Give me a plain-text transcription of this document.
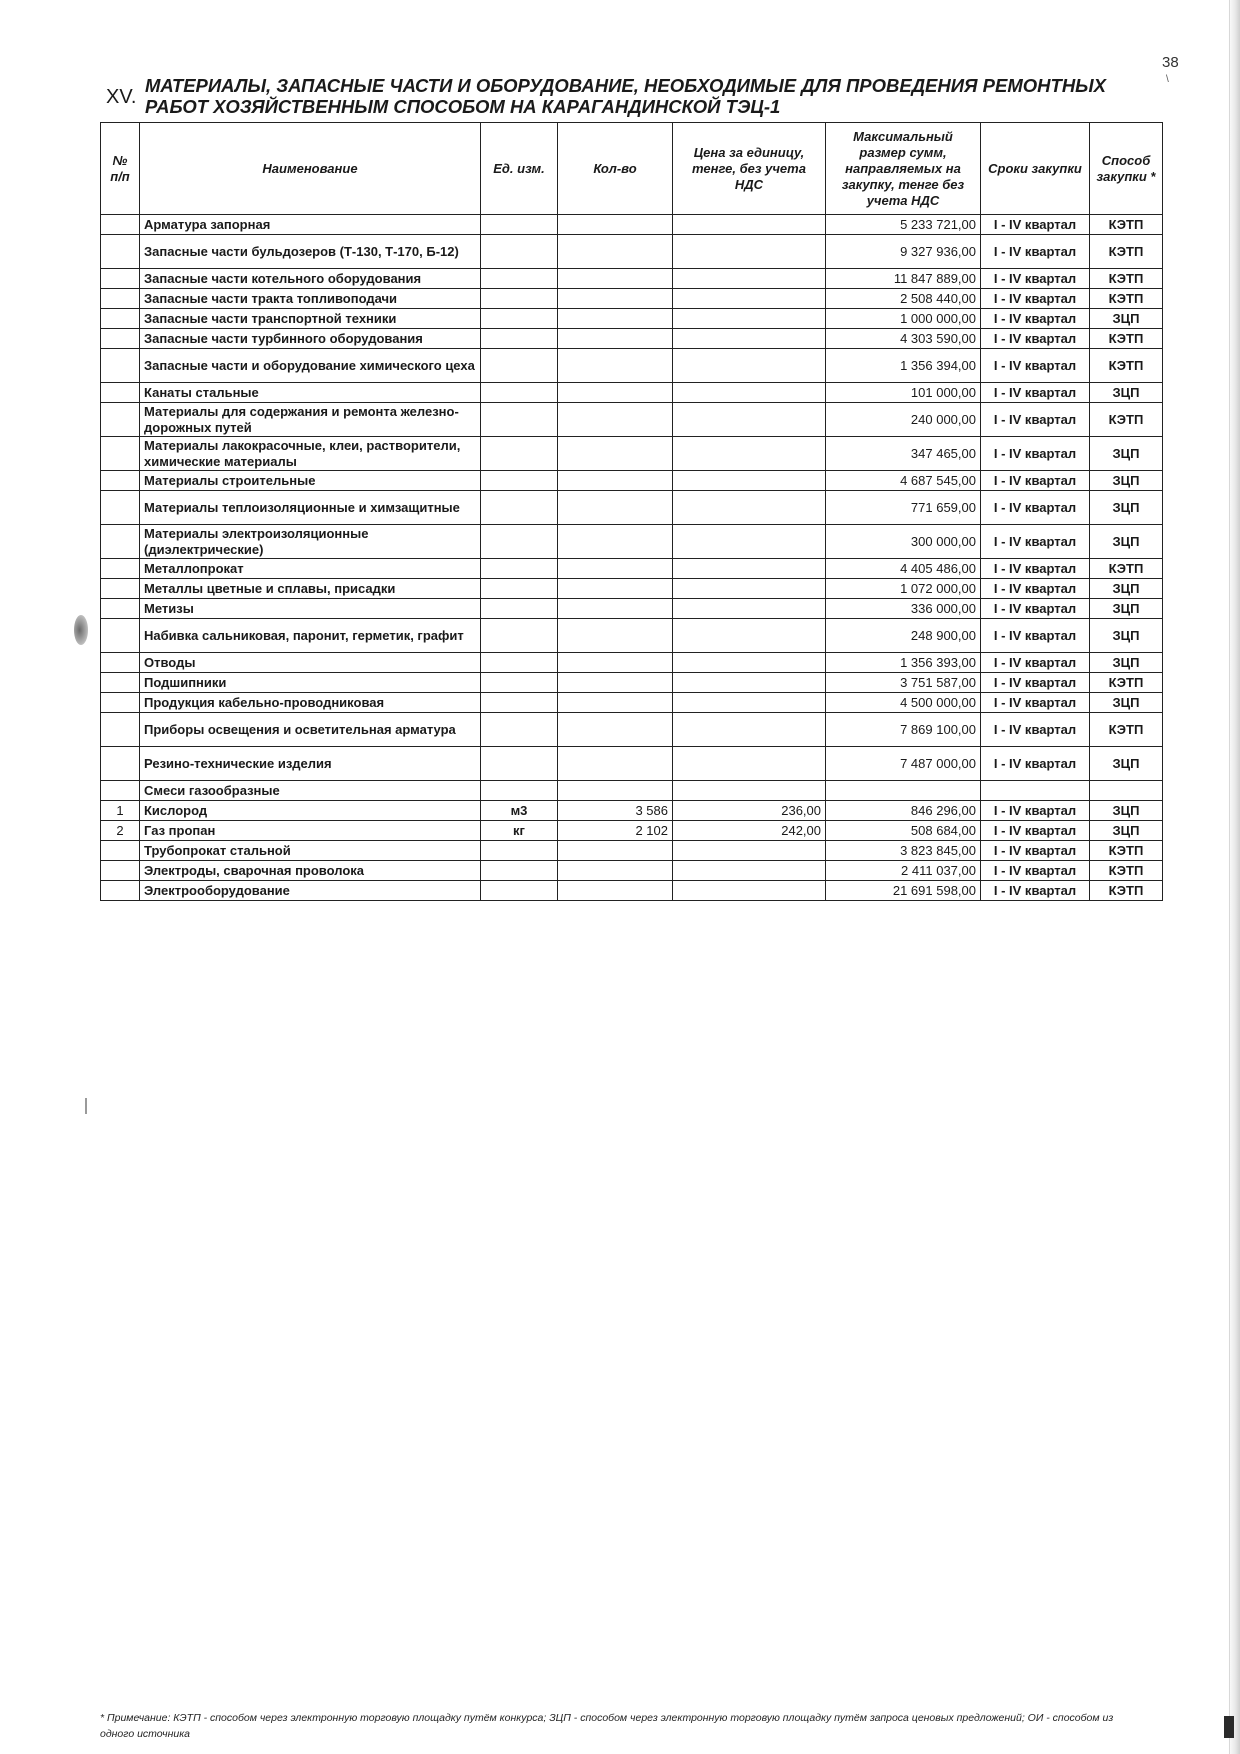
38
\
XV.
МАТЕРИАЛЫ, ЗАПАСНЫЕ ЧАСТИ И ОБОРУДОВАНИЕ, НЕОБХОДИМЫЕ ДЛЯ ПРОВЕДЕНИЯ РЕМОНТНЫХ РАБОТ ХОЗЯЙСТВЕННЫМ СПОСОБОМ НА КАРАГАНДИНСКОЙ ТЭЦ-1
№ п/п	Наименование	Ед. изм.	Кол-во	Цена за единицу, тенге, без учета НДС	Максимальный размер сумм, направляемых на закупку, тенге без учета НДС	Сроки закупки	Способ закупки *
	Арматура запорная				5 233 721,00	I - IV квартал	КЭТП
	Запасные части бульдозеров (Т-130, Т-170, Б-12)				9 327 936,00	I - IV квартал	КЭТП
	Запасные части котельного оборудования				11 847 889,00	I - IV квартал	КЭТП
	Запасные части тракта топливоподачи				2 508 440,00	I - IV квартал	КЭТП
	Запасные части транспортной техники				1 000 000,00	I - IV квартал	ЗЦП
	Запасные части турбинного оборудования				4 303 590,00	I - IV квартал	КЭТП
	Запасные части и оборудование химического цеха				1 356 394,00	I - IV квартал	КЭТП
	Канаты стальные				101 000,00	I - IV квартал	ЗЦП
	Материалы для содержания и ремонта железно-дорожных путей				240 000,00	I - IV квартал	КЭТП
	Материалы лакокрасочные, клеи, растворители, химические материалы				347 465,00	I - IV квартал	ЗЦП
	Материалы строительные				4 687 545,00	I - IV квартал	ЗЦП
	Материалы теплоизоляционные и химзащитные				771 659,00	I - IV квартал	ЗЦП
	Материалы электроизоляционные (диэлектрические)				300 000,00	I - IV квартал	ЗЦП
	Металлопрокат				4 405 486,00	I - IV квартал	КЭТП
	Металлы цветные и сплавы, присадки				1 072 000,00	I - IV квартал	ЗЦП
	Метизы				336 000,00	I - IV квартал	ЗЦП
	Набивка сальниковая, паронит, герметик, графит				248 900,00	I - IV квартал	ЗЦП
	Отводы				1 356 393,00	I - IV квартал	ЗЦП
	Подшипники				3 751 587,00	I - IV квартал	КЭТП
	Продукция кабельно-проводниковая				4 500 000,00	I - IV квартал	ЗЦП
	Приборы освещения и осветительная арматура				7 869 100,00	I - IV квартал	КЭТП
	Резино-технические изделия				7 487 000,00	I - IV квартал	ЗЦП
	Смеси газообразные						
1	Кислород	м3	3 586	236,00	846 296,00	I - IV квартал	ЗЦП
2	Газ пропан	кг	2 102	242,00	508 684,00	I - IV квартал	ЗЦП
	Трубопрокат стальной				3 823 845,00	I - IV квартал	КЭТП
	Электроды, сварочная проволока				2 411 037,00	I - IV квартал	КЭТП
	Электрооборудование				21 691 598,00	I - IV квартал	КЭТП
* Примечание: КЭТП - способом через электронную торговую площадку путём конкурса; ЗЦП - способом через электронную торговую площадку путём запроса ценовых предложений; ОИ - способом из одного источника
